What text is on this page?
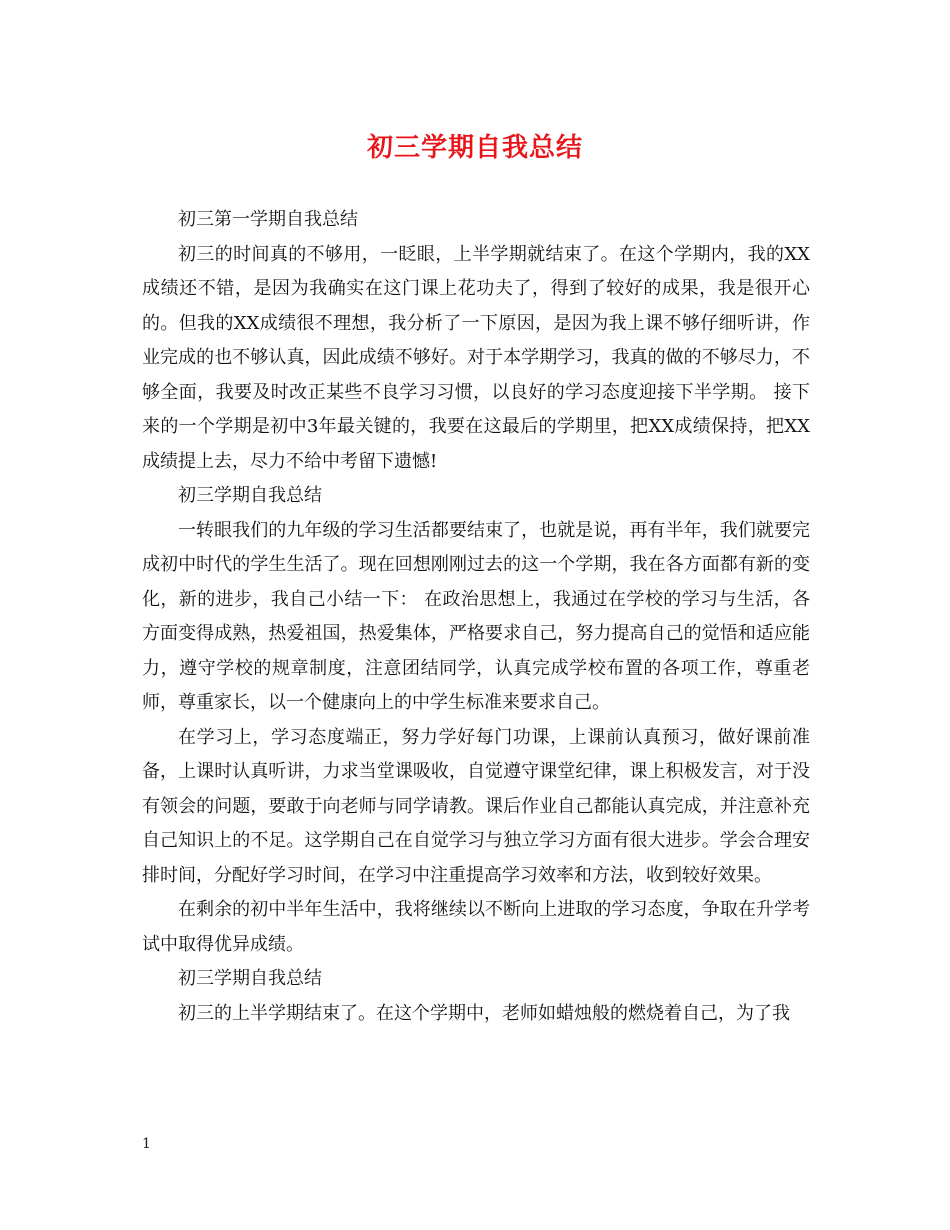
初三学期自我总结

初三第一学期自我总结

初三的时间真的不够用，一眨眼，上半学期就结束了。在这个学期内，我的XX成绩还不错，是因为我确实在这门课上花功夫了，得到了较好的成果，我是很开心的。但我的XX成绩很不理想，我分析了一下原因，是因为我上课不够仔细听讲，作业完成的也不够认真，因此成绩不够好。对于本学期学习，我真的做的不够尽力，不够全面，我要及时改正某些不良学习习惯，以良好的学习态度迎接下半学期。 接下来的一个学期是初中3年最关键的，我要在这最后的学期里，把XX成绩保持，把XX成绩提上去，尽力不给中考留下遗憾!

初三学期自我总结

一转眼我们的九年级的学习生活都要结束了，也就是说，再有半年，我们就要完成初中时代的学生生活了。现在回想刚刚过去的这一个学期，我在各方面都有新的变化，新的进步，我自己小结一下： 在政治思想上，我通过在学校的学习与生活，各方面变得成熟，热爱祖国，热爱集体，严格要求自己，努力提高自己的觉悟和适应能力，遵守学校的规章制度，注意团结同学，认真完成学校布置的各项工作，尊重老师，尊重家长，以一个健康向上的中学生标准来要求自己。

在学习上，学习态度端正，努力学好每门功课，上课前认真预习，做好课前准备，上课时认真听讲，力求当堂课吸收，自觉遵守课堂纪律，课上积极发言，对于没有领会的问题，要敢于向老师与同学请教。课后作业自己都能认真完成，并注意补充自己知识上的不足。这学期自己在自觉学习与独立学习方面有很大进步。学会合理安排时间，分配好学习时间，在学习中注重提高学习效率和方法，收到较好效果。

在剩余的初中半年生活中，我将继续以不断向上进取的学习态度，争取在升学考试中取得优异成绩。

初三学期自我总结

初三的上半学期结束了。在这个学期中，老师如蜡烛般的燃烧着自己，为了我

1
